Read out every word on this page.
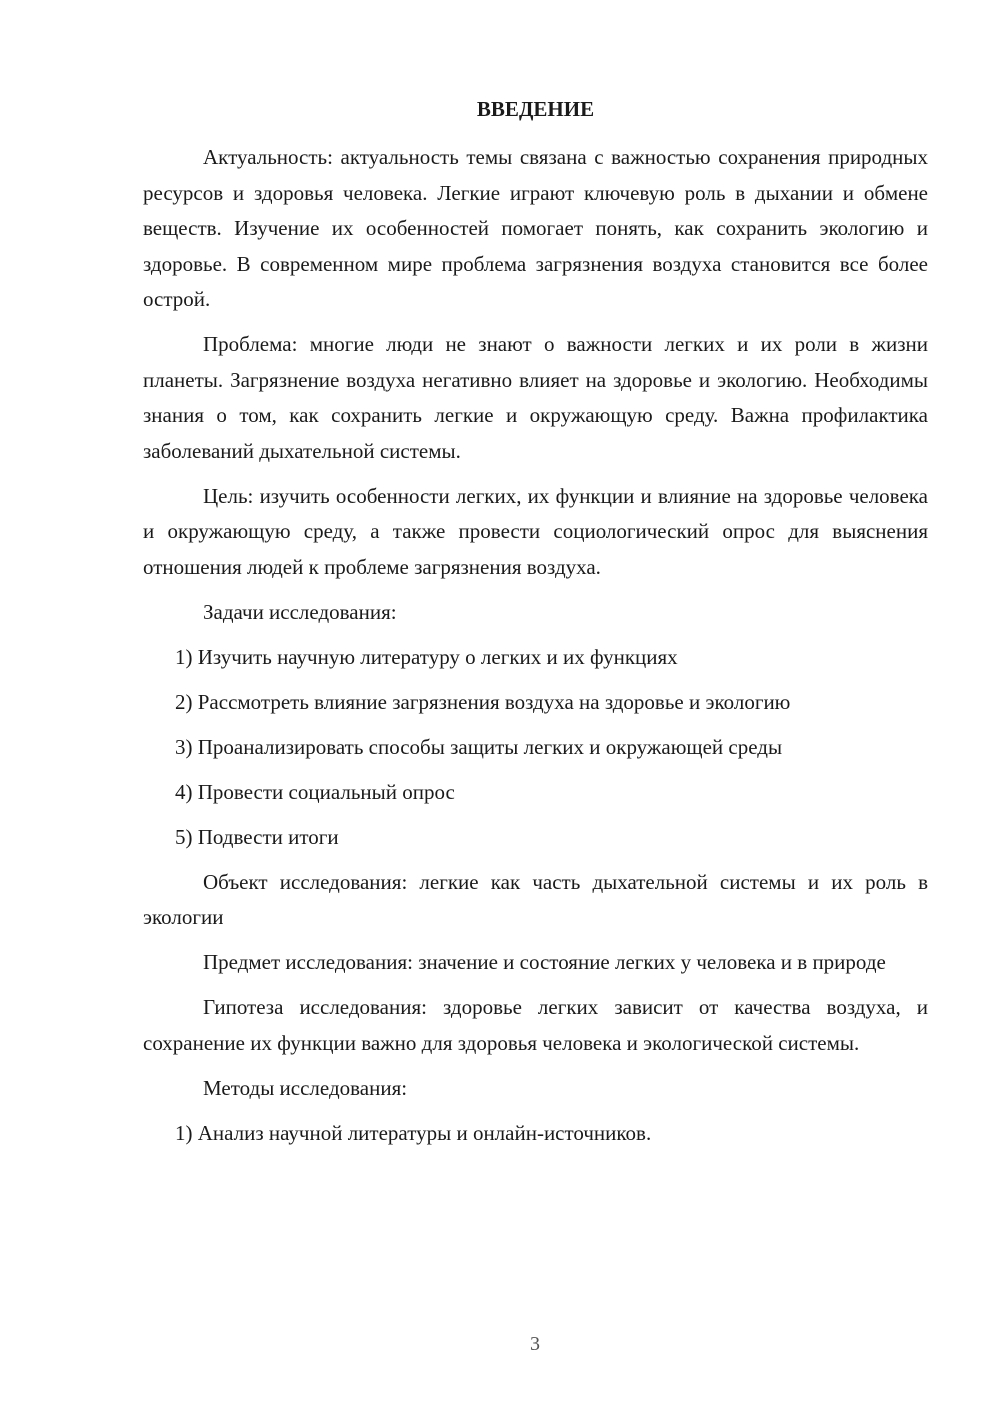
ВВЕДЕНИЕ

Актуальность: актуальность темы связана с важностью сохранения природных ресурсов и здоровья человека. Легкие играют ключевую роль в дыхании и обмене веществ. Изучение их особенностей помогает понять, как сохранить экологию и здоровье. В современном мире проблема загрязнения воздуха становится все более острой.

Проблема: многие люди не знают о важности легких и их роли в жизни планеты. Загрязнение воздуха негативно влияет на здоровье и экологию. Необходимы знания о том, как сохранить легкие и окружающую среду. Важна профилактика заболеваний дыхательной системы.

Цель: изучить особенности легких, их функции и влияние на здоровье человека и окружающую среду, а также провести социологический опрос для выяснения отношения людей к проблеме загрязнения воздуха.

Задачи исследования:

1) Изучить научную литературу о легких и их функциях
2) Рассмотреть влияние загрязнения воздуха на здоровье и экологию
3) Проанализировать способы защиты легких и окружающей среды
4) Провести социальный опрос
5) Подвести итоги

Объект исследования: легкие как часть дыхательной системы и их роль в экологии

Предмет исследования: значение и состояние легких у человека и в природе

Гипотеза исследования: здоровье легких зависит от качества воздуха, и сохранение их функции важно для здоровья человека и экологической системы.

Методы исследования:

1) Анализ научной литературы и онлайн-источников.
3
